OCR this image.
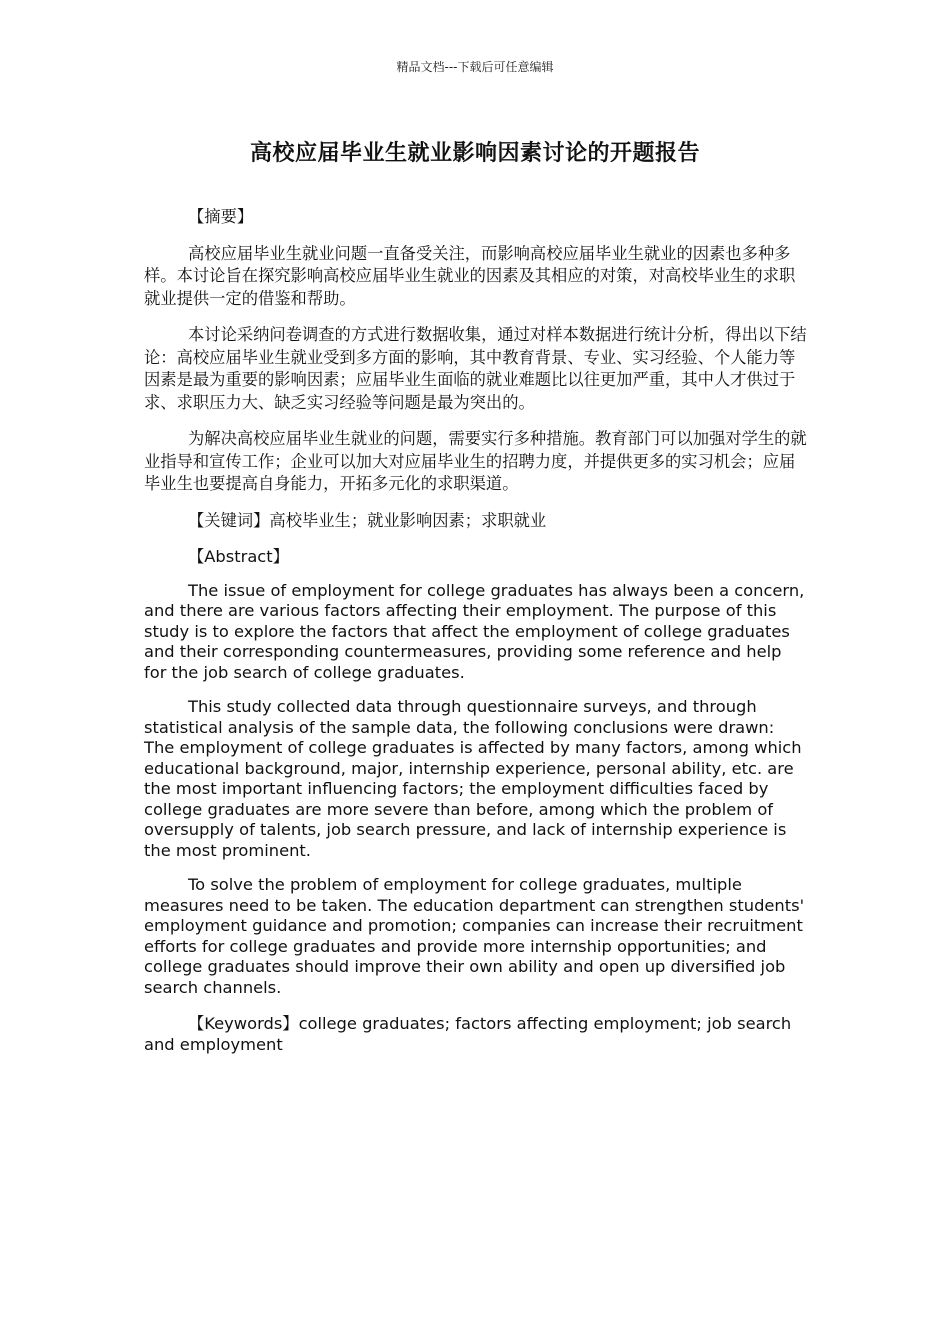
精品文档---下载后可任意编辑
高校应届毕业生就业影响因素讨论的开题报告

【摘要】

高校应届毕业生就业问题一直备受关注，而影响高校应届毕业生就业的因素也多种多样。本讨论旨在探究影响高校应届毕业生就业的因素及其相应的对策，对高校毕业生的求职就业提供一定的借鉴和帮助。

本讨论采纳问卷调查的方式进行数据收集，通过对样本数据进行统计分析，得出以下结论：高校应届毕业生就业受到多方面的影响，其中教育背景、专业、实习经验、个人能力等因素是最为重要的影响因素；应届毕业生面临的就业难题比以往更加严重，其中人才供过于求、求职压力大、缺乏实习经验等问题是最为突出的。

为解决高校应届毕业生就业的问题，需要实行多种措施。教育部门可以加强对学生的就业指导和宣传工作；企业可以加大对应届毕业生的招聘力度，并提供更多的实习机会；应届毕业生也要提高自身能力，开拓多元化的求职渠道。

【关键词】高校毕业生；就业影响因素；求职就业

【Abstract】

The issue of employment for college graduates has always been a concern, and there are various factors affecting their employment. The purpose of this study is to explore the factors that affect the employment of college graduates and their corresponding countermeasures, providing some reference and help for the job search of college graduates.

This study collected data through questionnaire surveys, and through statistical analysis of the sample data, the following conclusions were drawn: The employment of college graduates is affected by many factors, among which educational background, major, internship experience, personal ability, etc. are the most important influencing factors; the employment difficulties faced by college graduates are more severe than before, among which the problem of oversupply of talents, job search pressure, and lack of internship experience is the most prominent.

To solve the problem of employment for college graduates, multiple measures need to be taken. The education department can strengthen students' employment guidance and promotion; companies can increase their recruitment efforts for college graduates and provide more internship opportunities; and college graduates should improve their own ability and open up diversified job search channels.

【Keywords】college graduates; factors affecting employment; job search and employment
